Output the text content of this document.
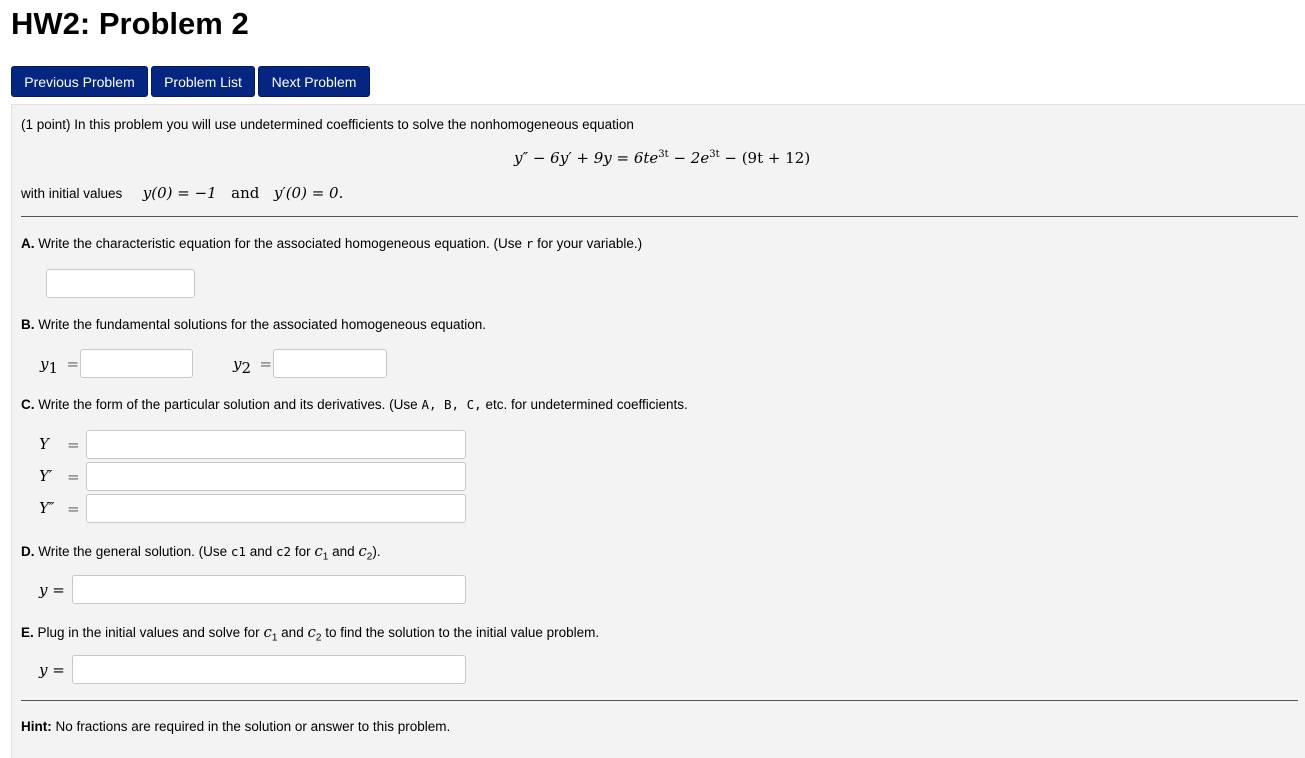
HW2: Problem 2
Previous Problem	Problem List	Next Problem
(1 point) In this problem you will use undetermined coefficients to solve the nonhomogeneous equation
$y'' - 6y' + 9y = 6te^{3t} - 2e^{3t} - (9t + 12)$
with initial values y(0) = −1 and y′(0) = 0.
A. Write the characteristic equation for the associated homogeneous equation. (Use r for your variable.)
B. Write the fundamental solutions for the associated homogeneous equation.
$y_1$ =	$y_2$ =
C. Write the form of the particular solution and its derivatives. (Use A, B, C, etc. for undetermined coefficients.
Y =
Y′ =
Y″ =
D. Write the general solution. (Use c1 and c2 for $c_1$ and $c_2$).
y =
E. Plug in the initial values and solve for $c_1$ and $c_2$ to find the solution to the initial value problem.
y =
Hint: No fractions are required in the solution or answer to this problem.
